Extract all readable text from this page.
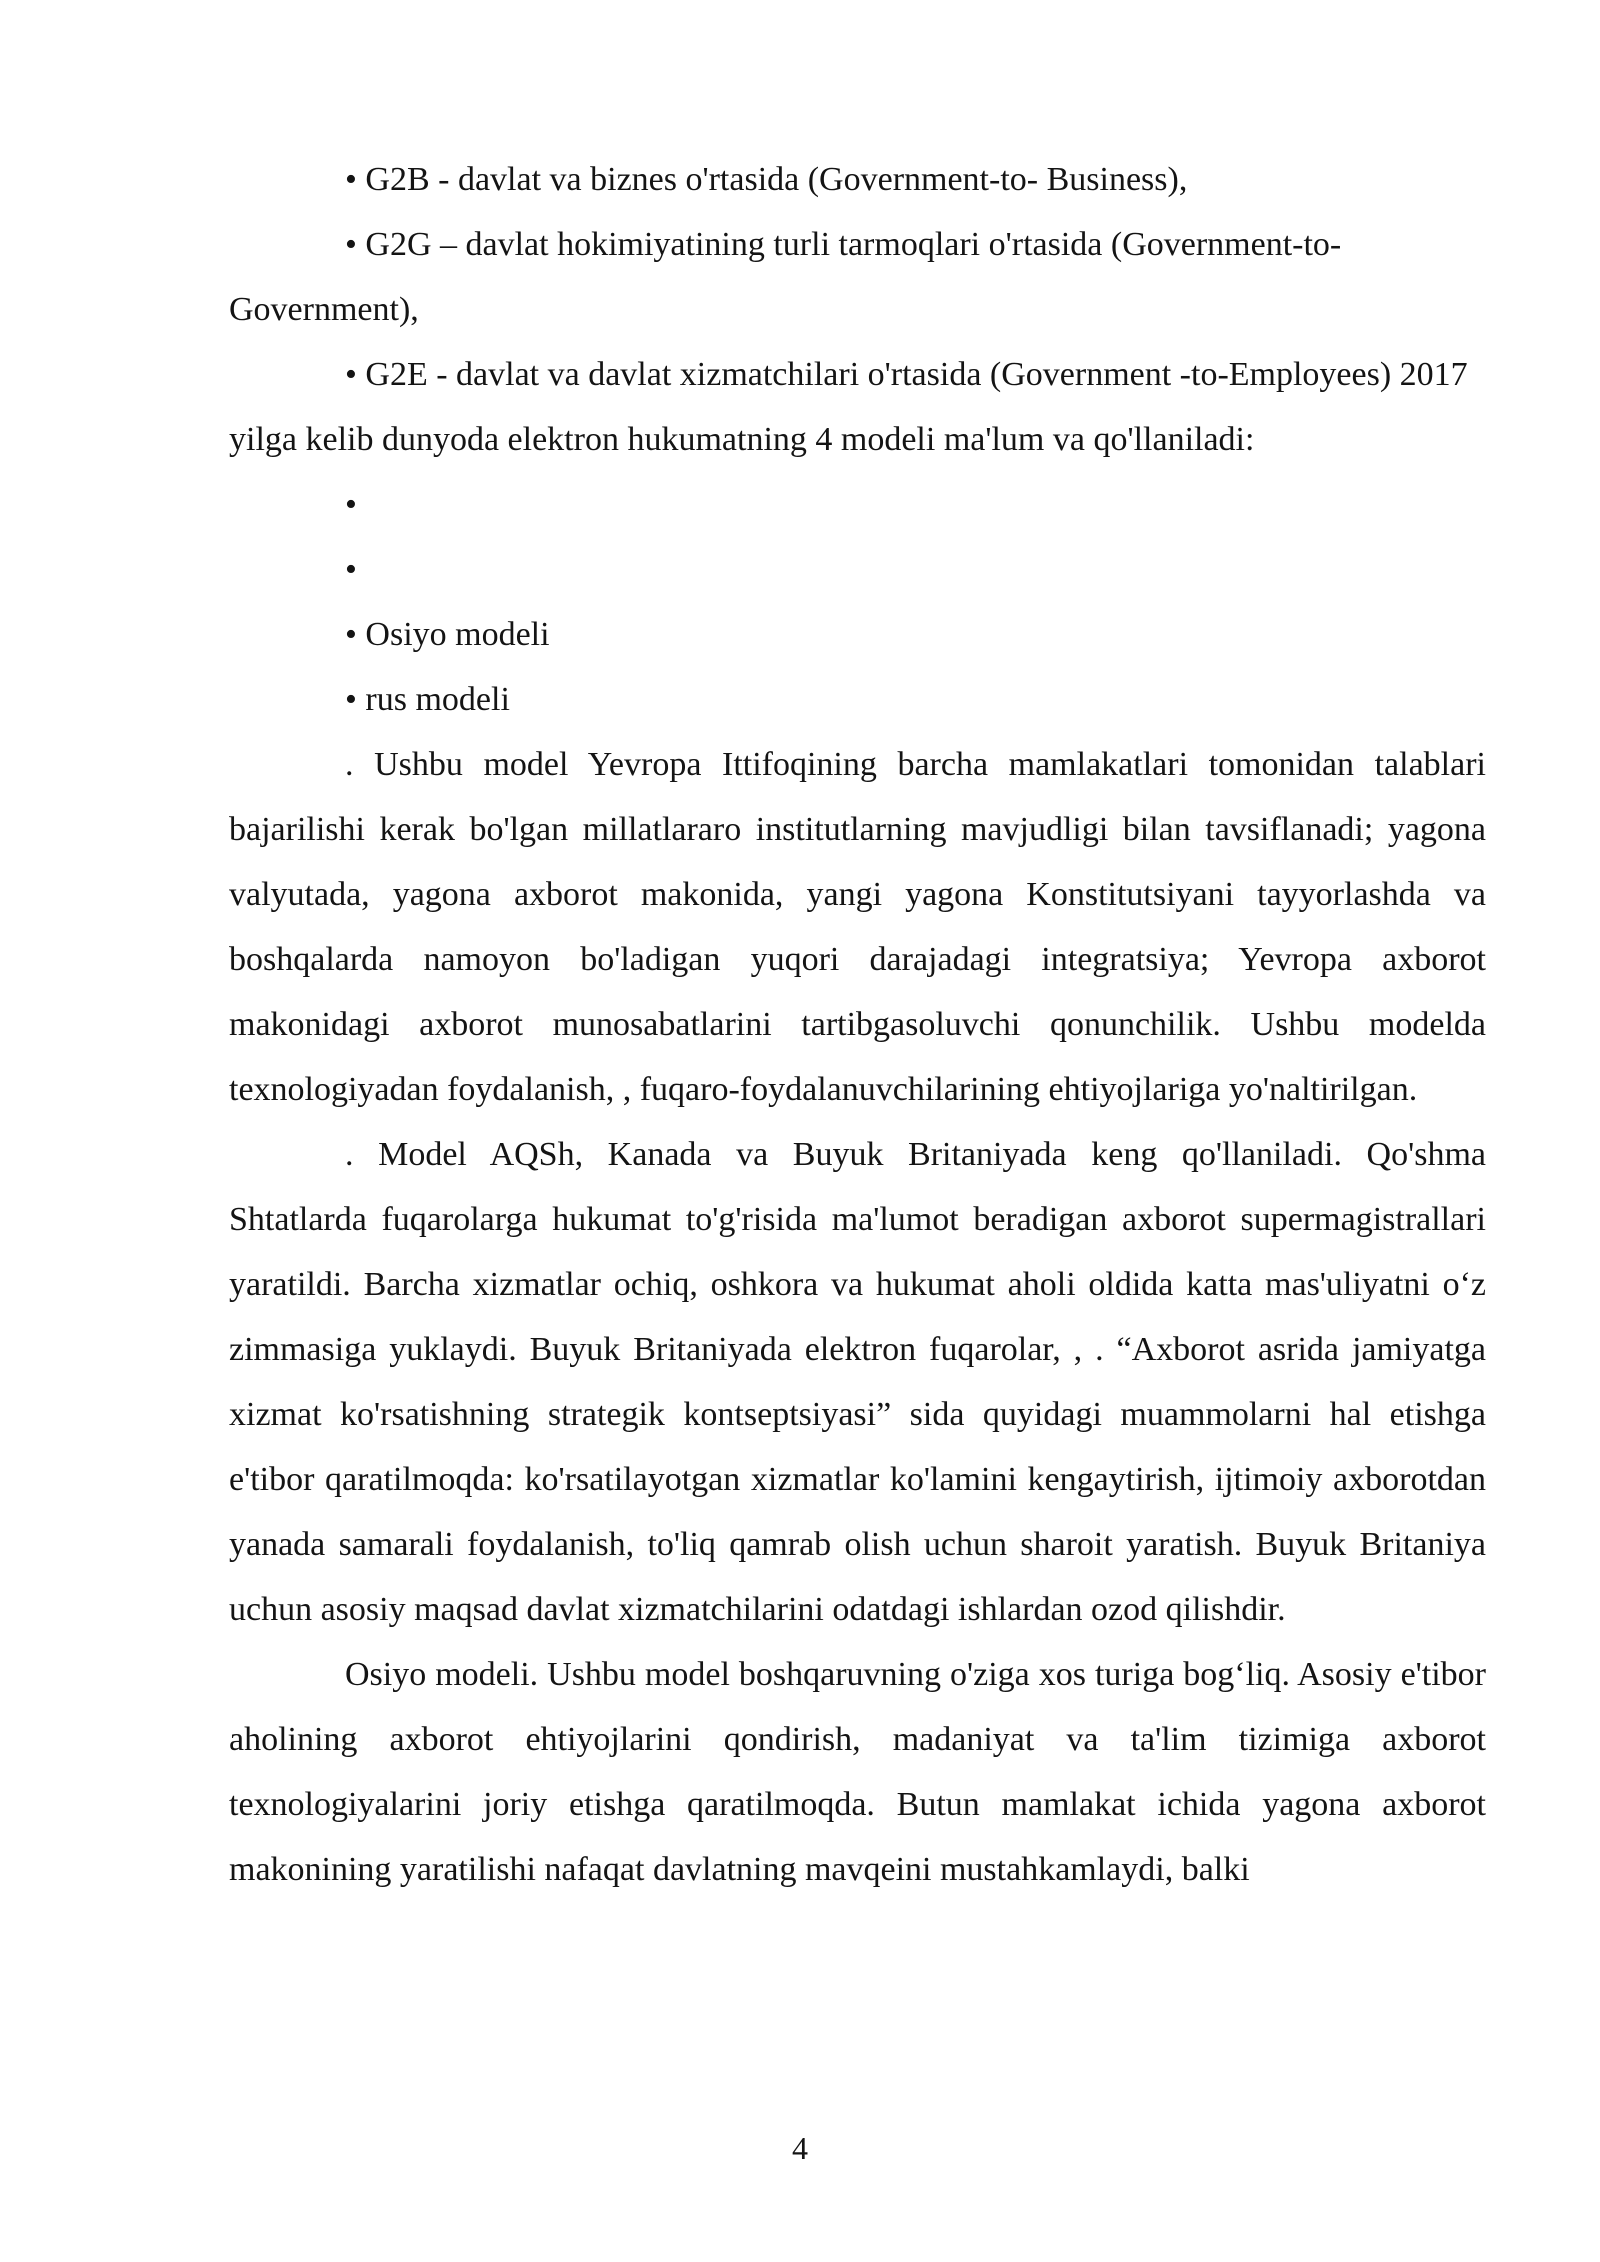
• G2B - davlat va biznes o'rtasida (Government-to- Business),

• G2G – davlat hokimiyatining turli tarmoqlari o'rtasida (Government-to-Government),

• G2E - davlat va davlat xizmatchilari o'rtasida (Government -to-Employees) 2017 yilga kelib dunyoda elektron hukumatning 4 modeli ma'lum va qo'llaniladi:

•

•

• Osiyo modeli

• rus modeli

. Ushbu model Yevropa Ittifoqining barcha mamlakatlari tomonidan talablari bajarilishi kerak bo'lgan millatlararo institutlarning mavjudligi bilan tavsiflanadi; yagona valyutada, yagona axborot makonida, yangi yagona Konstitutsiyani tayyorlashda va boshqalarda namoyon bo'ladigan yuqori darajadagi integratsiya; Yevropa axborot makonidagi axborot munosabatlarini tartibgasoluvchi qonunchilik. Ushbu modelda texnologiyadan foydalanish, , fuqaro-foydalanuvchilarining ehtiyojlariga yo'naltirilgan.

. Model AQSh, Kanada va Buyuk Britaniyada keng qo'llaniladi. Qo'shma Shtatlarda fuqarolarga hukumat to'g'risida ma'lumot beradigan axborot supermagistrallari yaratildi. Barcha xizmatlar ochiq, oshkora va hukumat aholi oldida katta mas'uliyatni o‘z zimmasiga yuklaydi. Buyuk Britaniyada elektron fuqarolar, , . “Axborot asrida jamiyatga xizmat ko'rsatishning strategik kontseptsiyasi” sida quyidagi muammolarni hal etishga e'tibor qaratilmoqda: ko'rsatilayotgan xizmatlar ko'lamini kengaytirish, ijtimoiy axborotdan yanada samarali foydalanish, to'liq qamrab olish uchun sharoit yaratish. Buyuk Britaniya uchun asosiy maqsad davlat xizmatchilarini odatdagi ishlardan ozod qilishdir.

Osiyo modeli. Ushbu model boshqaruvning o'ziga xos turiga bog‘liq. Asosiy e'tibor aholining axborot ehtiyojlarini qondirish, madaniyat va ta'lim tizimiga axborot texnologiyalarini joriy etishga qaratilmoqda. Butun mamlakat ichida yagona axborot makonining yaratilishi nafaqat davlatning mavqeini mustahkamlaydi, balki

4
